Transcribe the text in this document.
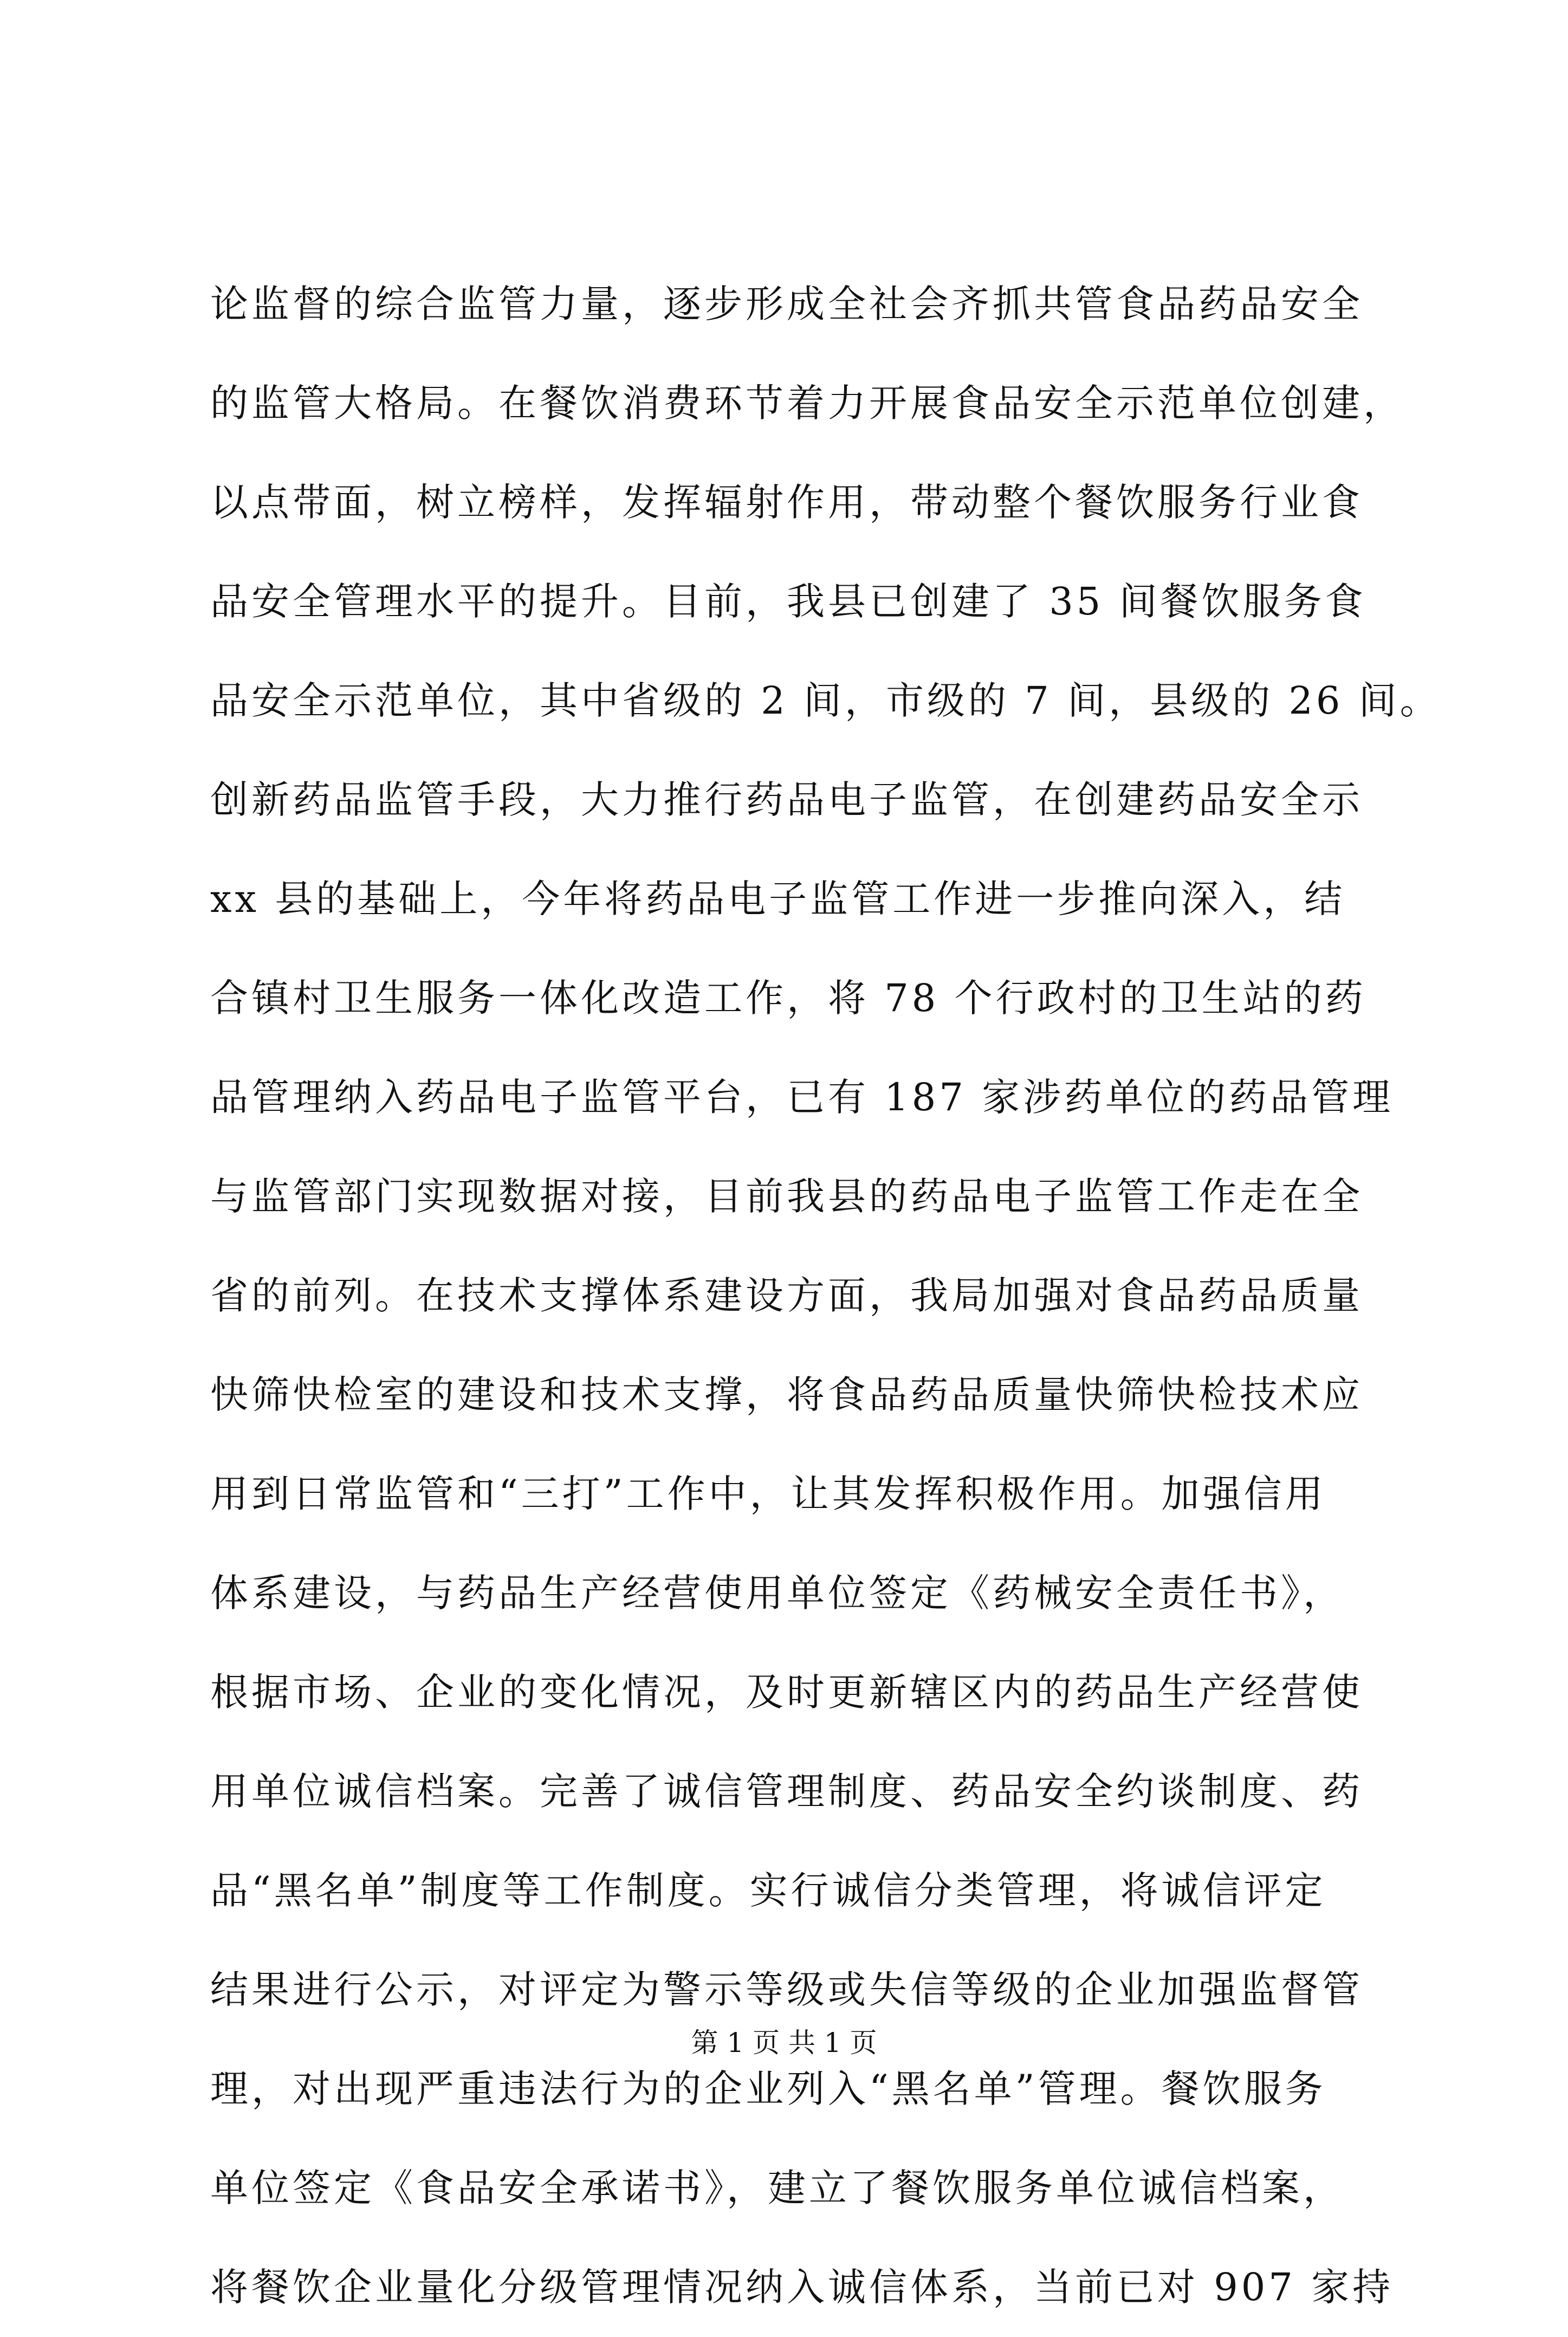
论监督的综合监管力量，逐步形成全社会齐抓共管食品药品安全
的监管大格局。在餐饮消费环节着力开展食品安全示范单位创建，
以点带面，树立榜样，发挥辐射作用，带动整个餐饮服务行业食
品安全管理水平的提升。目前，我县已创建了 35 间餐饮服务食
品安全示范单位，其中省级的 2 间，市级的 7 间，县级的 26 间。
创新药品监管手段，大力推行药品电子监管，在创建药品安全示
xx 县的基础上，今年将药品电子监管工作进一步推向深入，结
合镇村卫生服务一体化改造工作，将 78 个行政村的卫生站的药
品管理纳入药品电子监管平台，已有 187 家涉药单位的药品管理
与监管部门实现数据对接，目前我县的药品电子监管工作走在全
省的前列。在技术支撑体系建设方面，我局加强对食品药品质量
快筛快检室的建设和技术支撑，将食品药品质量快筛快检技术应
用到日常监管和“三打”工作中，让其发挥积极作用。加强信用
体系建设，与药品生产经营使用单位签定《药械安全责任书》，
根据市场、企业的变化情况，及时更新辖区内的药品生产经营使
用单位诚信档案。完善了诚信管理制度、药品安全约谈制度、药
品“黑名单”制度等工作制度。实行诚信分类管理，将诚信评定
结果进行公示，对评定为警示等级或失信等级的企业加强监督管
理，对出现严重违法行为的企业列入“黑名单”管理。餐饮服务
单位签定《食品安全承诺书》，建立了餐饮服务单位诚信档案，
将餐饮企业量化分级管理情况纳入诚信体系，当前已对 907 家持
第 1 页 共 1 页
